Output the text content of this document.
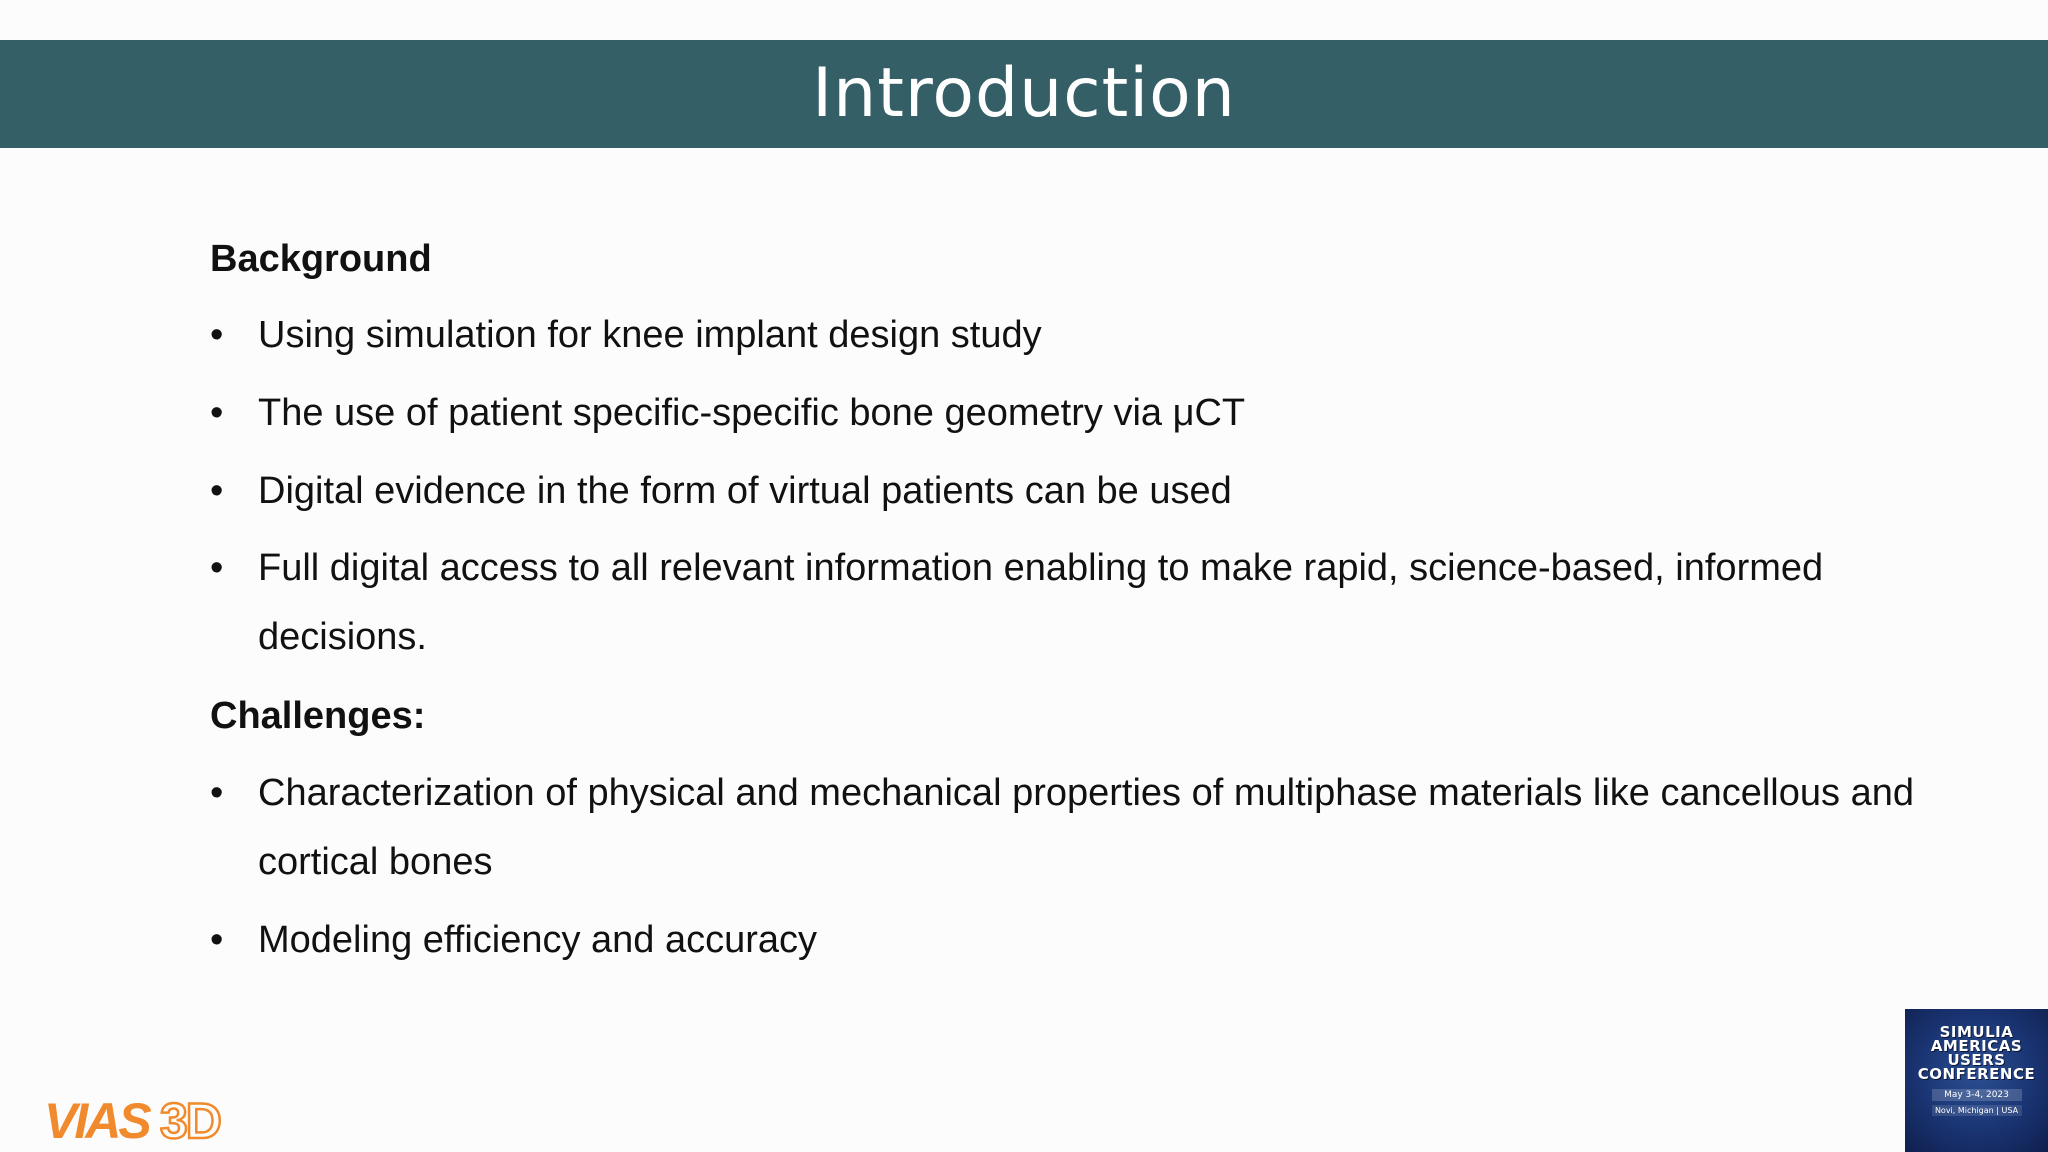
Introduction
Background
• Using simulation for knee implant design study
• The use of patient specific-specific bone geometry via μCT
• Digital evidence in the form of virtual patients can be used
• Full digital access to all relevant information enabling to make rapid, science-based, informed decisions.
Challenges:
• Characterization of physical and mechanical properties of multiphase materials like cancellous and cortical bones
• Modeling efficiency and accuracy
VIAS 3D
SIMULIA
AMERICAS
USERS
CONFERENCE
May 3-4, 2023
Novi, Michigan | USA
